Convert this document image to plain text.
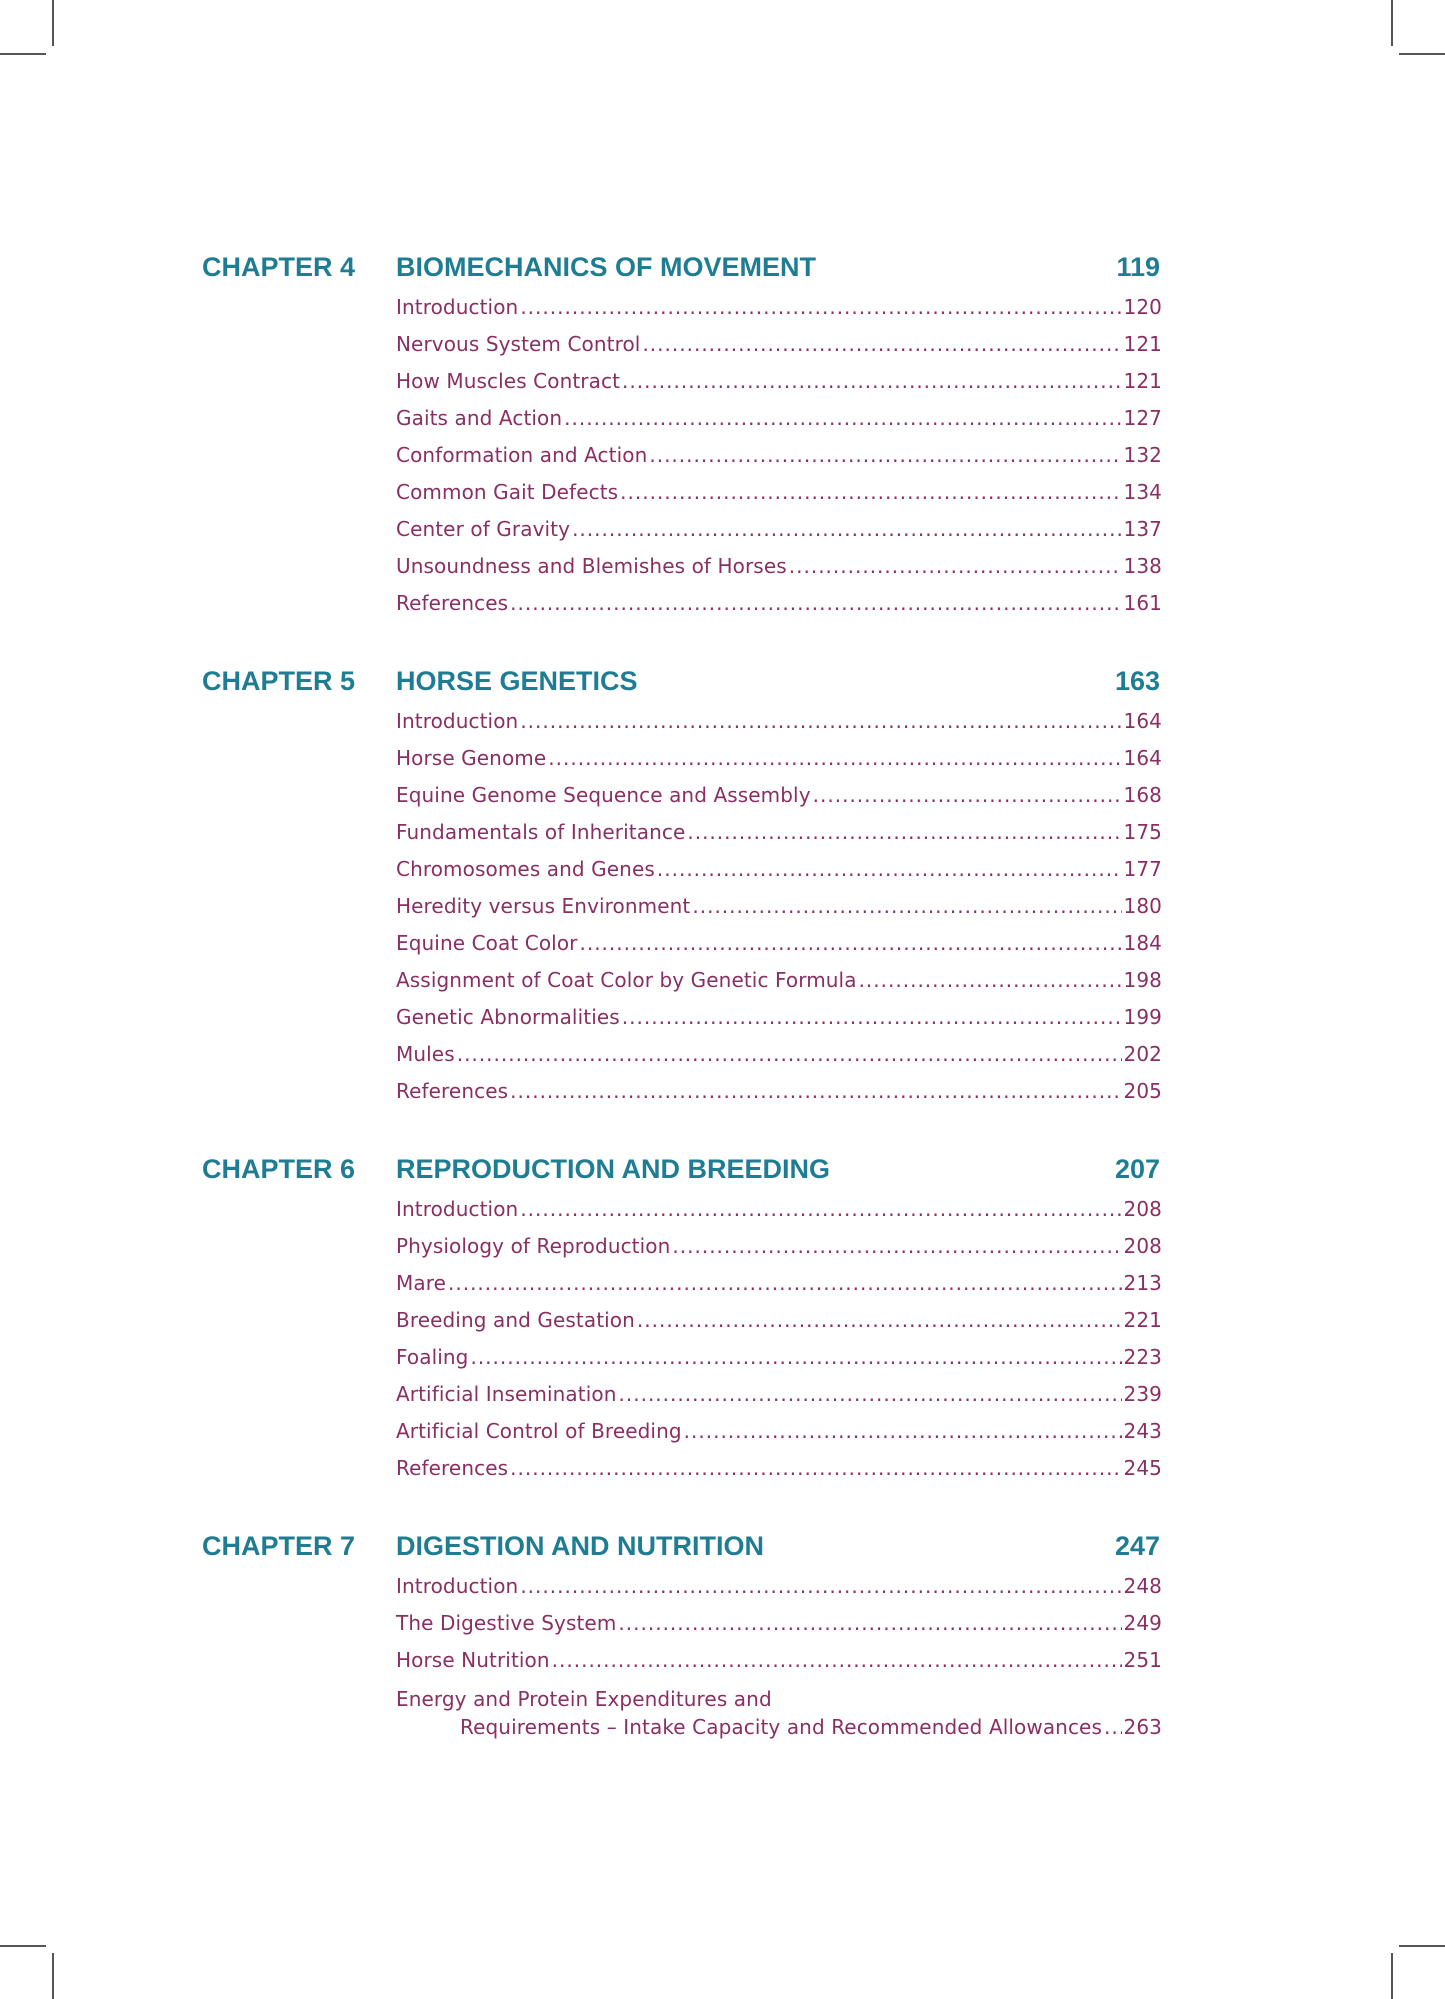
CHAPTER 4	BIOMECHANICS OF MOVEMENT	119
Introduction .....	120
Nervous System Control .....	121
How Muscles Contract .....	121
Gaits and Action .....	127
Conformation and Action .....	132
Common Gait Defects .....	134
Center of Gravity .....	137
Unsoundness and Blemishes of Horses .....	138
References .....	161
CHAPTER 5	HORSE GENETICS	163
Introduction .....	164
Horse Genome .....	164
Equine Genome Sequence and Assembly .....	168
Fundamentals of Inheritance .....	175
Chromosomes and Genes .....	177
Heredity versus Environment .....	180
Equine Coat Color .....	184
Assignment of Coat Color by Genetic Formula .....	198
Genetic Abnormalities .....	199
Mules .....	202
References .....	205
CHAPTER 6	REPRODUCTION AND BREEDING	207
Introduction .....	208
Physiology of Reproduction .....	208
Mare .....	213
Breeding and Gestation .....	221
Foaling .....	223
Artificial Insemination .....	239
Artificial Control of Breeding .....	243
References .....	245
CHAPTER 7	DIGESTION AND NUTRITION	247
Introduction .....	248
The Digestive System .....	249
Horse Nutrition .....	251
Energy and Protein Expenditures and
Requirements – Intake Capacity and Recommended Allowances ..... 263
